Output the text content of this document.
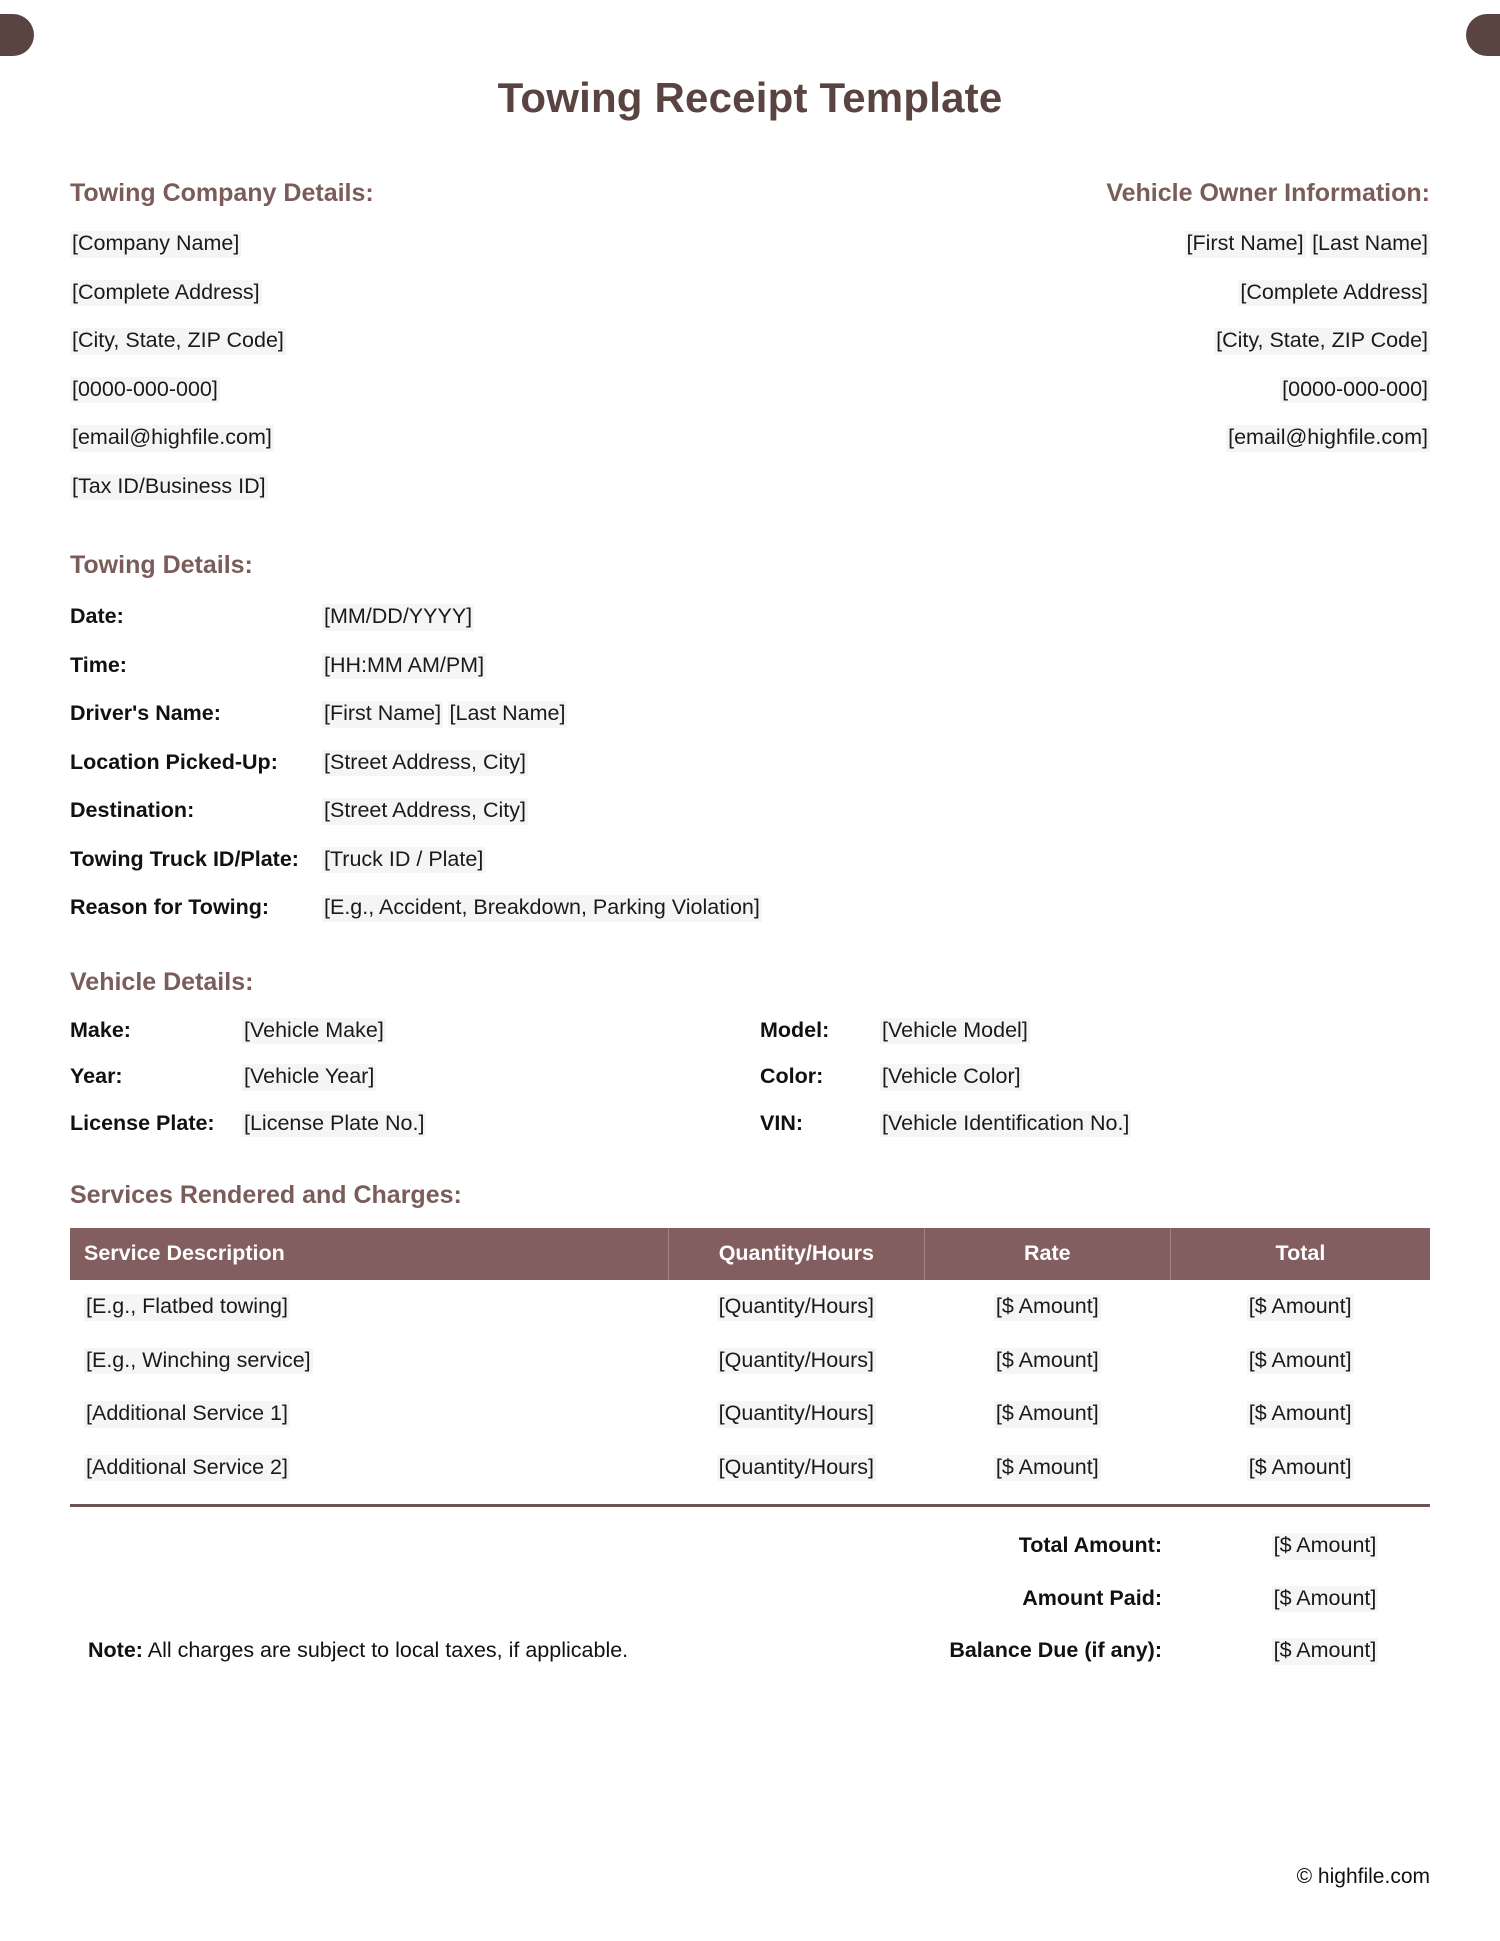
Towing Receipt Template
Towing Company Details:
[Company Name]
[Complete Address]
[City, State, ZIP Code]
[0000-000-000]
[email@highfile.com]
[Tax ID/Business ID]
Vehicle Owner Information:
[First Name] [Last Name]
[Complete Address]
[City, State, ZIP Code]
[0000-000-000]
[email@highfile.com]
Towing Details:
Date:	[MM/DD/YYYY]
Time:	[HH:MM AM/PM]
Driver's Name:	[First Name] [Last Name]
Location Picked-Up:	[Street Address, City]
Destination:	[Street Address, City]
Towing Truck ID/Plate:	[Truck ID / Plate]
Reason for Towing:	[E.g., Accident, Breakdown, Parking Violation]
Vehicle Details:
Make:	[Vehicle Make]	Model:	[Vehicle Model]
Year:	[Vehicle Year]	Color:	[Vehicle Color]
License Plate:	[License Plate No.]	VIN:	[Vehicle Identification No.]
Services Rendered and Charges:
Service Description	Quantity/Hours	Rate	Total
[E.g., Flatbed towing]	[Quantity/Hours]	[$ Amount]	[$ Amount]
[E.g., Winching service]	[Quantity/Hours]	[$ Amount]	[$ Amount]
[Additional Service 1]	[Quantity/Hours]	[$ Amount]	[$ Amount]
[Additional Service 2]	[Quantity/Hours]	[$ Amount]	[$ Amount]
Total Amount:	[$ Amount]
Amount Paid:	[$ Amount]
Note: All charges are subject to local taxes, if applicable.	Balance Due (if any):	[$ Amount]
© highfile.com
